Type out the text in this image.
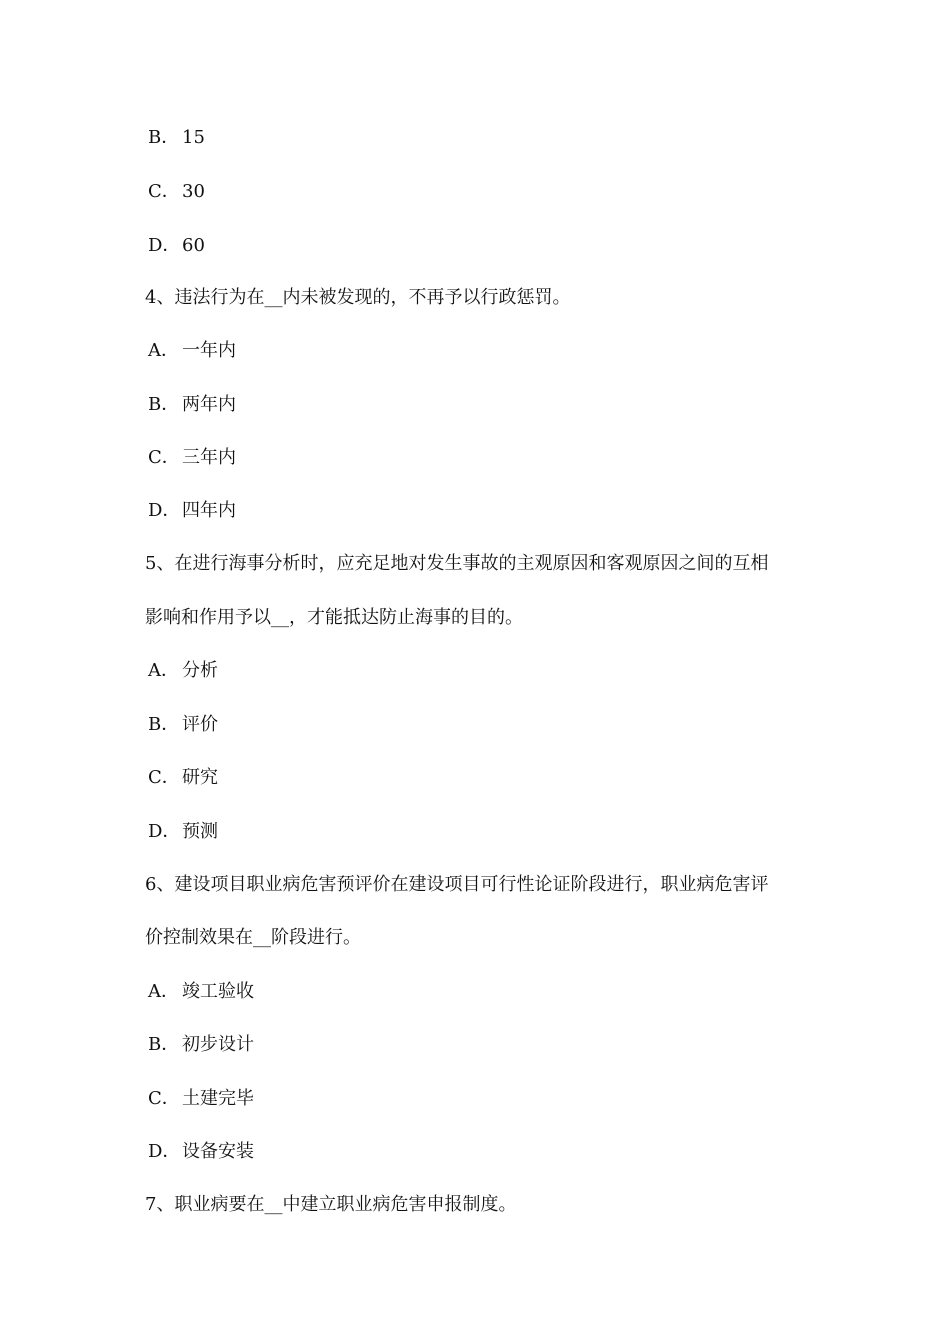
B． 15
C． 30
D．60
4、违法行为在__内未被发现的，不再予以行政惩罚。
A． 一年内
B． 两年内
C． 三年内
D．四年内
5、在进行海事分析时，应充足地对发生事故的主观原因和客观原因之间的互相
影响和作用予以__，才能抵达防止海事的目的。
A． 分析
B． 评价
C． 研究
D．预测
6、建设项目职业病危害预评价在建设项目可行性论证阶段进行，职业病危害评
价控制效果在__阶段进行。
A． 竣工验收
B． 初步设计
C． 土建完毕
D．设备安装
7、职业病要在__中建立职业病危害申报制度。
